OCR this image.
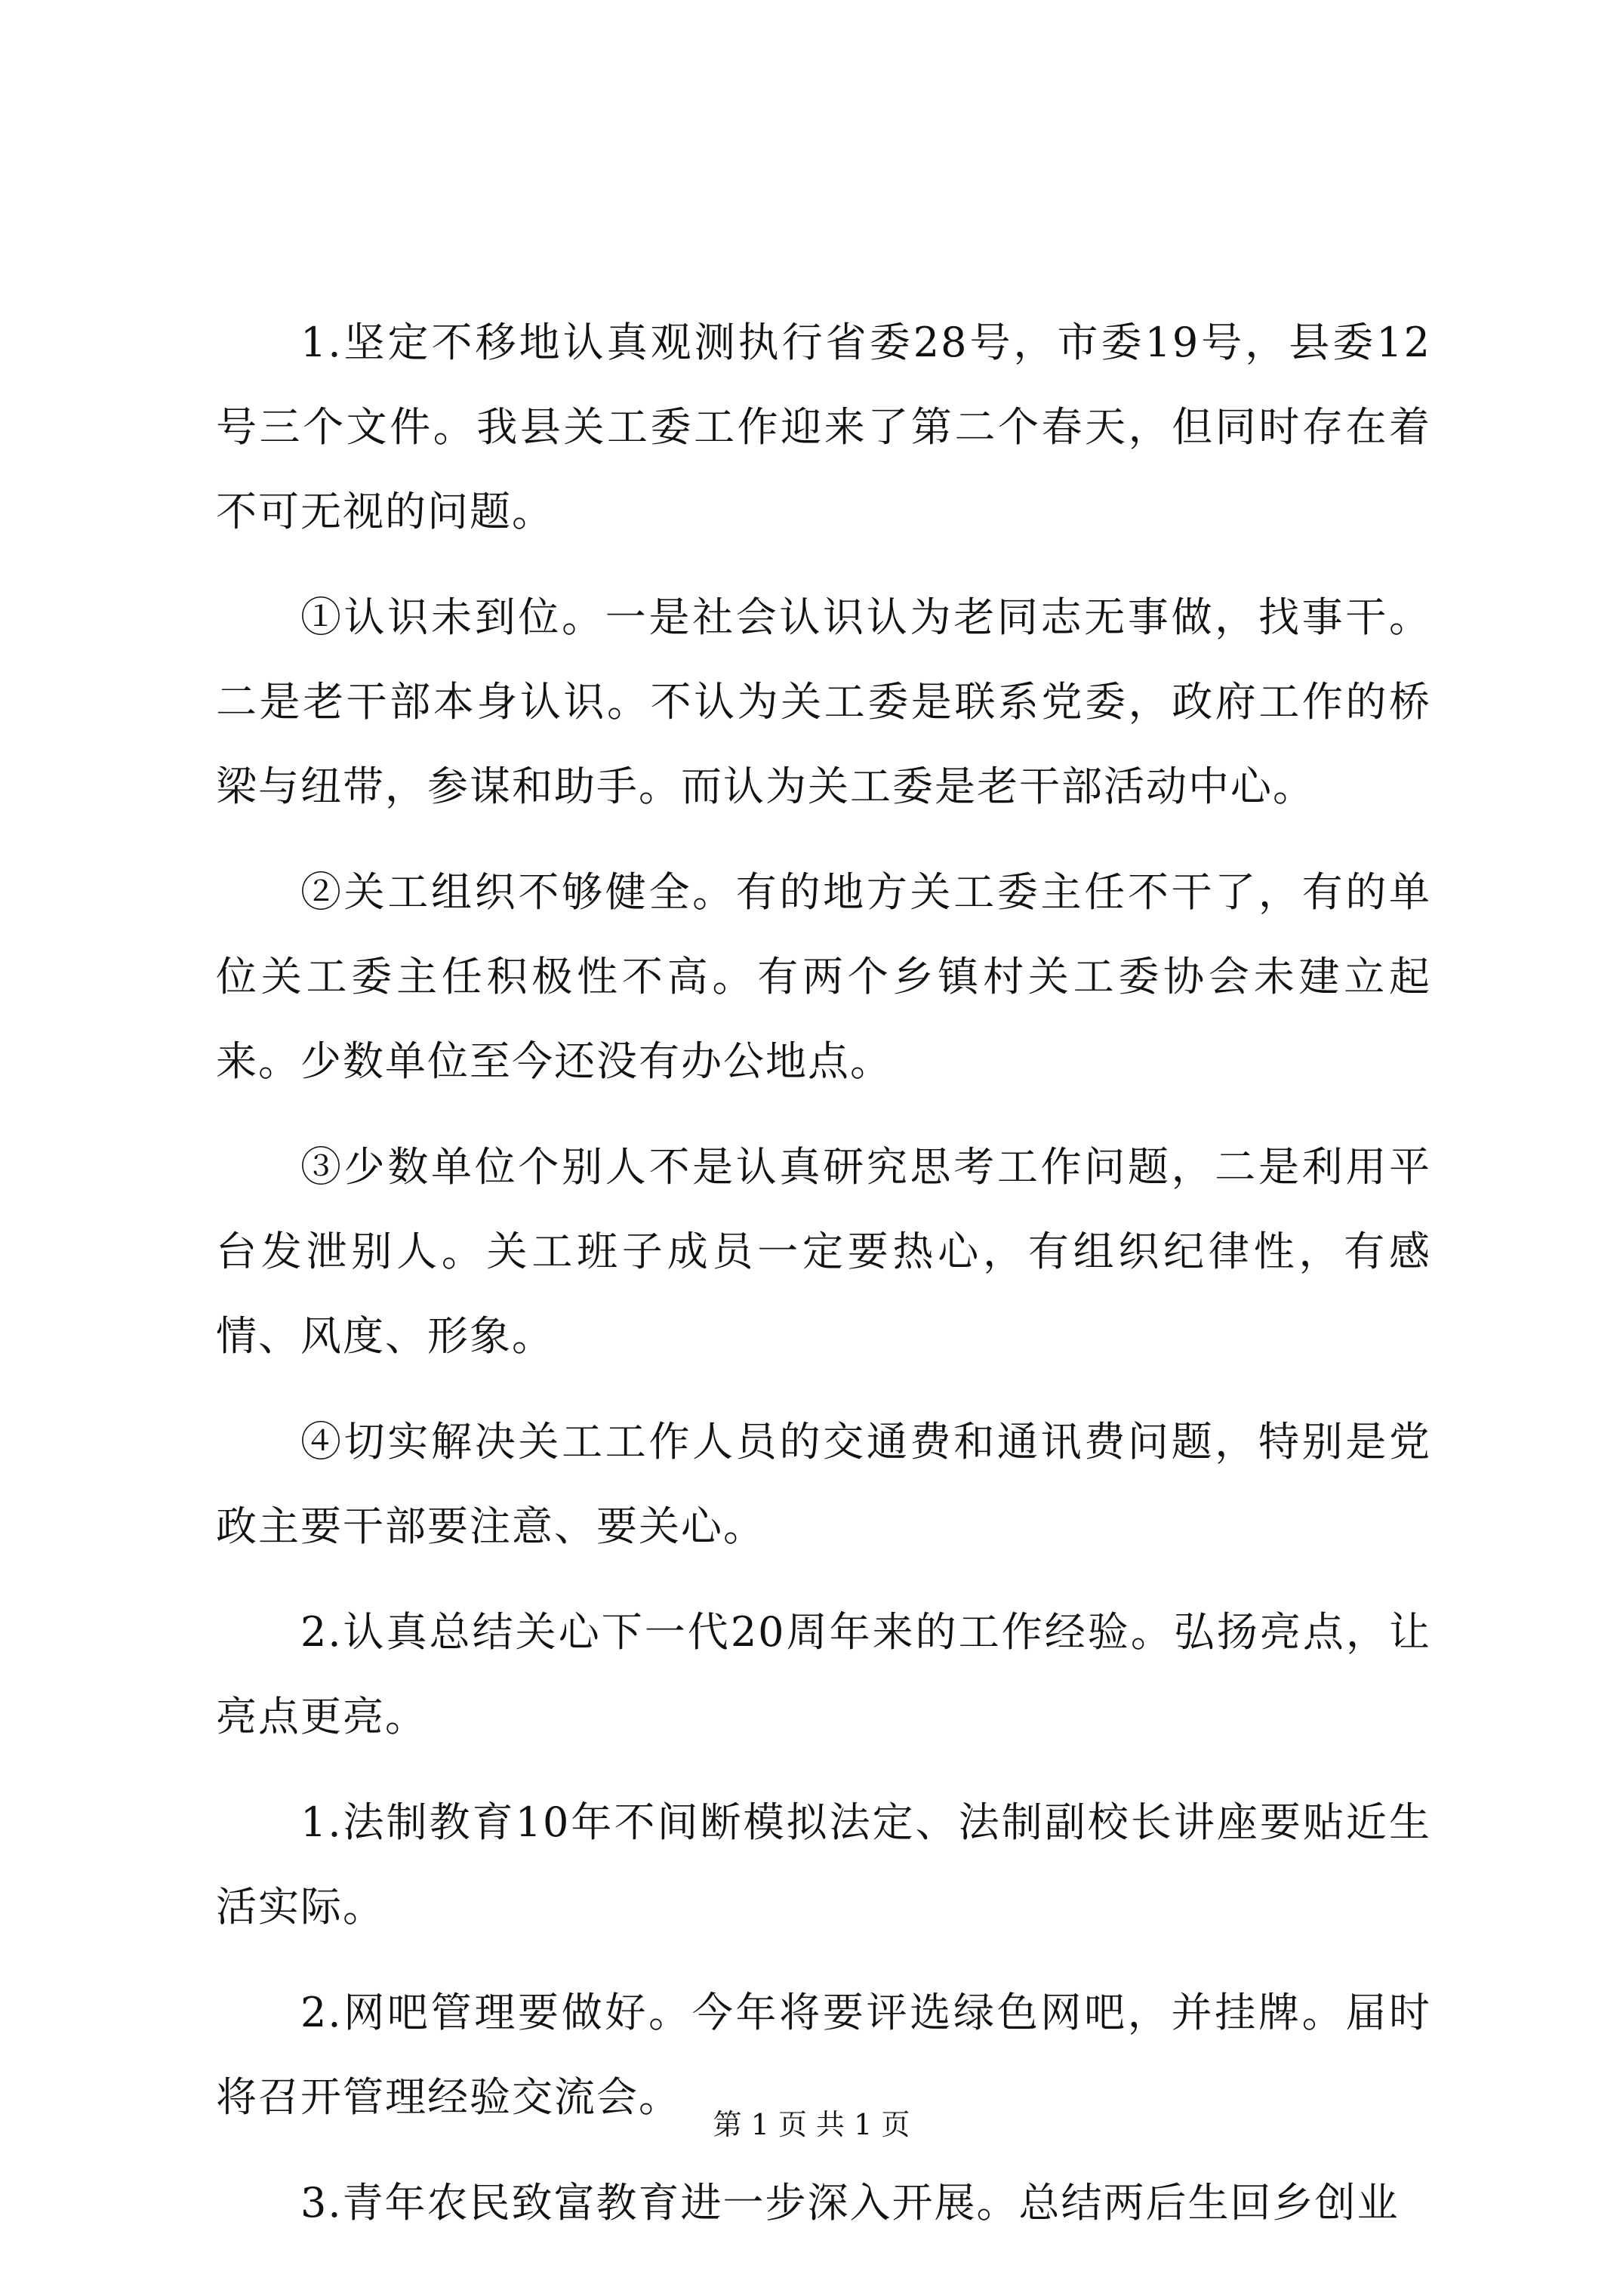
1.坚定不移地认真观测执行省委28号，市委19号，县委12号三个文件。我县关工委工作迎来了第二个春天，但同时存在着不可无视的问题。

①认识未到位。一是社会认识认为老同志无事做，找事干。二是老干部本身认识。不认为关工委是联系党委，政府工作的桥梁与纽带，参谋和助手。而认为关工委是老干部活动中心。

②关工组织不够健全。有的地方关工委主任不干了，有的单位关工委主任积极性不高。有两个乡镇村关工委协会未建立起来。少数单位至今还没有办公地点。

③少数单位个别人不是认真研究思考工作问题，二是利用平台发泄别人。关工班子成员一定要热心，有组织纪律性，有感情、风度、形象。

④切实解决关工工作人员的交通费和通讯费问题，特别是党政主要干部要注意、要关心。

2.认真总结关心下一代20周年来的工作经验。弘扬亮点，让亮点更亮。

1.法制教育10年不间断模拟法定、法制副校长讲座要贴近生活实际。

2.网吧管理要做好。今年将要评选绿色网吧，并挂牌。届时将召开管理经验交流会。

3.青年农民致富教育进一步深入开展。总结两后生回乡创业

第 1 页 共 1 页
